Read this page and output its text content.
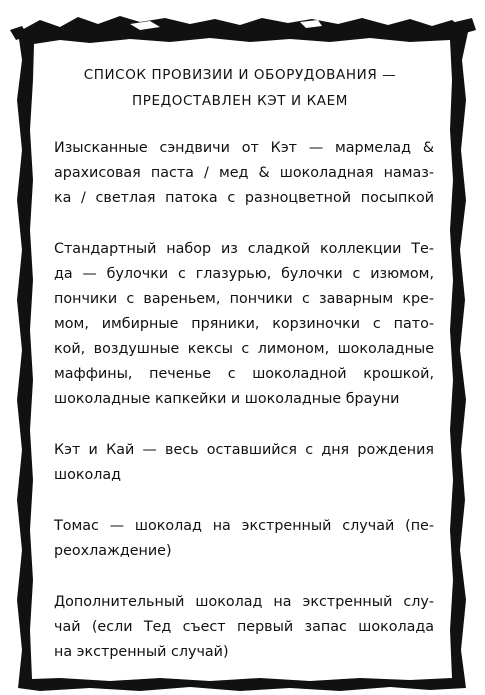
СПИСОК ПРОВИЗИИ И ОБОРУДОВАНИЯ —
ПРЕДОСТАВЛЕН КЭТ И КАЕМ

Изысканные сэндвичи от Кэт — мармелад &
арахисовая паста / мед & шоколадная намаз-
ка / светлая патока с разноцветной посыпкой

Стандартный набор из сладкой коллекции Те-
да — булочки с глазурью, булочки с изюмом,
пончики с вареньем, пончики с заварным кре-
мом, имбирные пряники, корзиночки с пато-
кой, воздушные кексы с лимоном, шоколадные
маффины, печенье с шоколадной крошкой,
шоколадные капкейки и шоколадные брауни

Кэт и Кай — весь оставшийся с дня рождения
шоколад

Томас — шоколад на экстренный случай (пе-
реохлаждение)

Дополнительный шоколад на экстренный слу-
чай (если Тед съест первый запас шоколада
на экстренный случай)
